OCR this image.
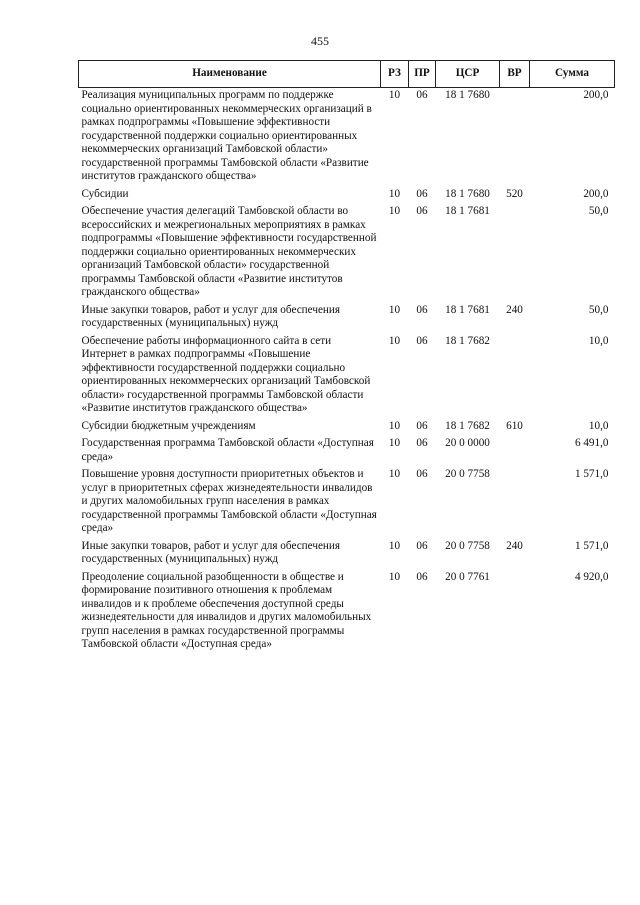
455
Наименование	РЗ	ПР	ЦСР	ВР	Сумма
Реализация муниципальных программ по поддержке социально ориентированных некоммерческих организаций в рамках подпрограммы «Повышение эффективности государственной поддержки социально ориентированных некоммерческих организаций Тамбовской области» государственной программы Тамбовской области «Развитие институтов гражданского общества»	10	06	18 1 7680		200,0
Субсидии	10	06	18 1 7680	520	200,0
Обеспечение участия делегаций Тамбовской области во всероссийских и межрегиональных мероприятиях в рамках подпрограммы «Повышение эффективности государственной поддержки социально ориентированных некоммерческих организаций Тамбовской области» государственной программы Тамбовской области «Развитие институтов гражданского общества»	10	06	18 1 7681		50,0
Иные закупки товаров, работ и услуг для обеспечения государственных (муниципальных) нужд	10	06	18 1 7681	240	50,0
Обеспечение работы информационного сайта в сети Интернет в рамках подпрограммы «Повышение эффективности государственной поддержки социально ориентированных некоммерческих организаций Тамбовской области» государственной программы Тамбовской области «Развитие институтов гражданского общества»	10	06	18 1 7682		10,0
Субсидии бюджетным учреждениям	10	06	18 1 7682	610	10,0
Государственная программа Тамбовской области «Доступная среда»	10	06	20 0 0000		6 491,0
Повышение уровня доступности приоритетных объектов и услуг в приоритетных сферах жизнедеятельности инвалидов и других маломобильных групп населения в рамках государственной программы Тамбовской области «Доступная среда»	10	06	20 0 7758		1 571,0
Иные закупки товаров, работ и услуг для обеспечения государственных (муниципальных) нужд	10	06	20 0 7758	240	1 571,0
Преодоление социальной разобщенности в обществе и формирование позитивного отношения к проблемам инвалидов и к проблеме обеспечения доступной среды жизнедеятельности для инвалидов и других маломобильных групп населения в рамках государственной программы Тамбовской области «Доступная среда»	10	06	20 0 7761		4 920,0
